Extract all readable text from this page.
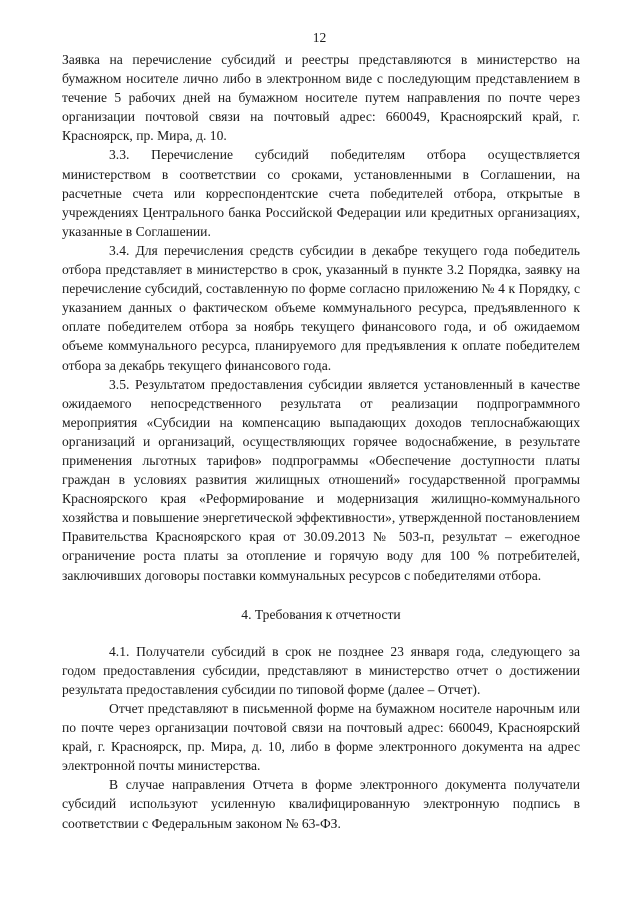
12

Заявка на перечисление субсидий и реестры представляются в министерство на бумажном носителе лично либо в электронном виде с последующим представлением в течение 5 рабочих дней на бумажном носителе путем направления по почте через организации почтовой связи на почтовый адрес: 660049, Красноярский край, г. Красноярск, пр. Мира, д. 10.

3.3. Перечисление субсидий победителям отбора осуществляется министерством в соответствии со сроками, установленными в Соглашении, на расчетные счета или корреспондентские счета победителей отбора, открытые в учреждениях Центрального банка Российской Федерации или кредитных организациях, указанные в Соглашении.

3.4. Для перечисления средств субсидии в декабре текущего года победитель отбора представляет в министерство в срок, указанный в пункте 3.2 Порядка, заявку на перечисление субсидий, составленную по форме согласно приложению № 4 к Порядку, с указанием данных о фактическом объеме коммунального ресурса, предъявленного к оплате победителем отбора за ноябрь текущего финансового года, и об ожидаемом объеме коммунального ресурса, планируемого для предъявления к оплате победителем отбора за декабрь текущего финансового года.

3.5. Результатом предоставления субсидии является установленный в качестве ожидаемого непосредственного результата от реализации подпрограммного мероприятия «Субсидии на компенсацию выпадающих доходов теплоснабжающих организаций и организаций, осуществляющих горячее водоснабжение, в результате применения льготных тарифов» подпрограммы «Обеспечение доступности платы граждан в условиях развития жилищных отношений» государственной программы Красноярского края «Реформирование и модернизация жилищно-коммунального хозяйства и повышение энергетической эффективности», утвержденной постановлением Правительства Красноярского края от 30.09.2013 № 503-п, результат – ежегодное ограничение роста платы за отопление и горячую воду для 100 % потребителей, заключивших договоры поставки коммунальных ресурсов с победителями отбора.

4. Требования к отчетности

4.1. Получатели субсидий в срок не позднее 23 января года, следующего за годом предоставления субсидии, представляют в министерство отчет о достижении результата предоставления субсидии по типовой форме (далее – Отчет).

Отчет представляют в письменной форме на бумажном носителе нарочным или по почте через организации почтовой связи на почтовый адрес: 660049, Красноярский край, г. Красноярск, пр. Мира, д. 10, либо в форме электронного документа на адрес электронной почты министерства.

В случае направления Отчета в форме электронного документа получатели субсидий используют усиленную квалифицированную электронную подпись в соответствии с Федеральным законом № 63-ФЗ.
